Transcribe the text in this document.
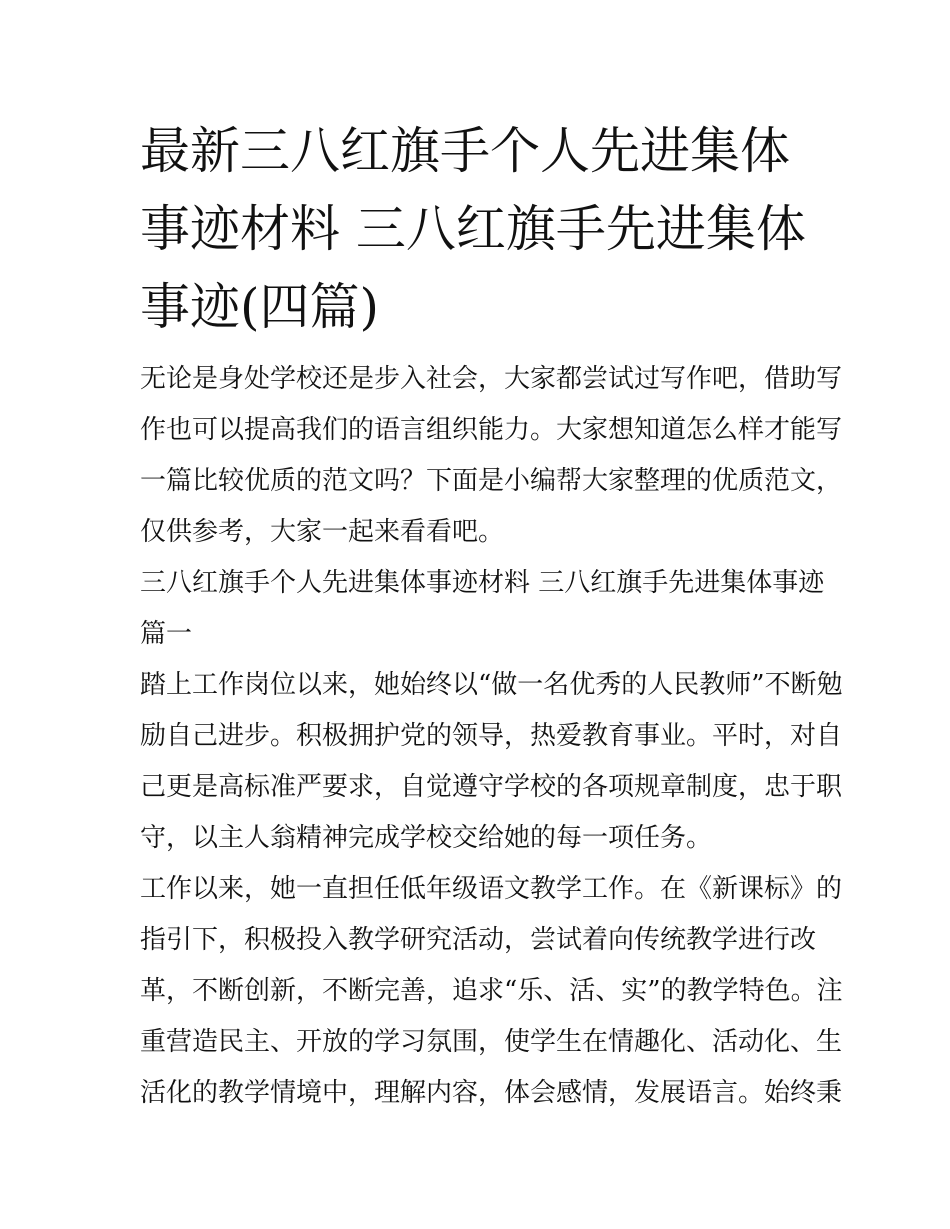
最新三八红旗手个人先进集体
事迹材料 三八红旗手先进集体
事迹(四篇)

无论是身处学校还是步入社会，大家都尝试过写作吧，借助写
作也可以提高我们的语言组织能力。大家想知道怎么样才能写
一篇比较优质的范文吗？下面是小编帮大家整理的优质范文，
仅供参考，大家一起来看看吧。

三八红旗手个人先进集体事迹材料 三八红旗手先进集体事迹
篇一

踏上工作岗位以来，她始终以“做一名优秀的人民教师”不断勉
励自己进步。积极拥护党的领导，热爱教育事业。平时，对自
己更是高标准严要求，自觉遵守学校的各项规章制度，忠于职
守，以主人翁精神完成学校交给她的每一项任务。

工作以来，她一直担任低年级语文教学工作。在《新课标》的
指引下，积极投入教学研究活动，尝试着向传统教学进行改
革，不断创新，不断完善，追求“乐、活、实”的教学特色。注
重营造民主、开放的学习氛围，使学生在情趣化、活动化、生
活化的教学情境中，理解内容，体会感情，发展语言。始终秉
